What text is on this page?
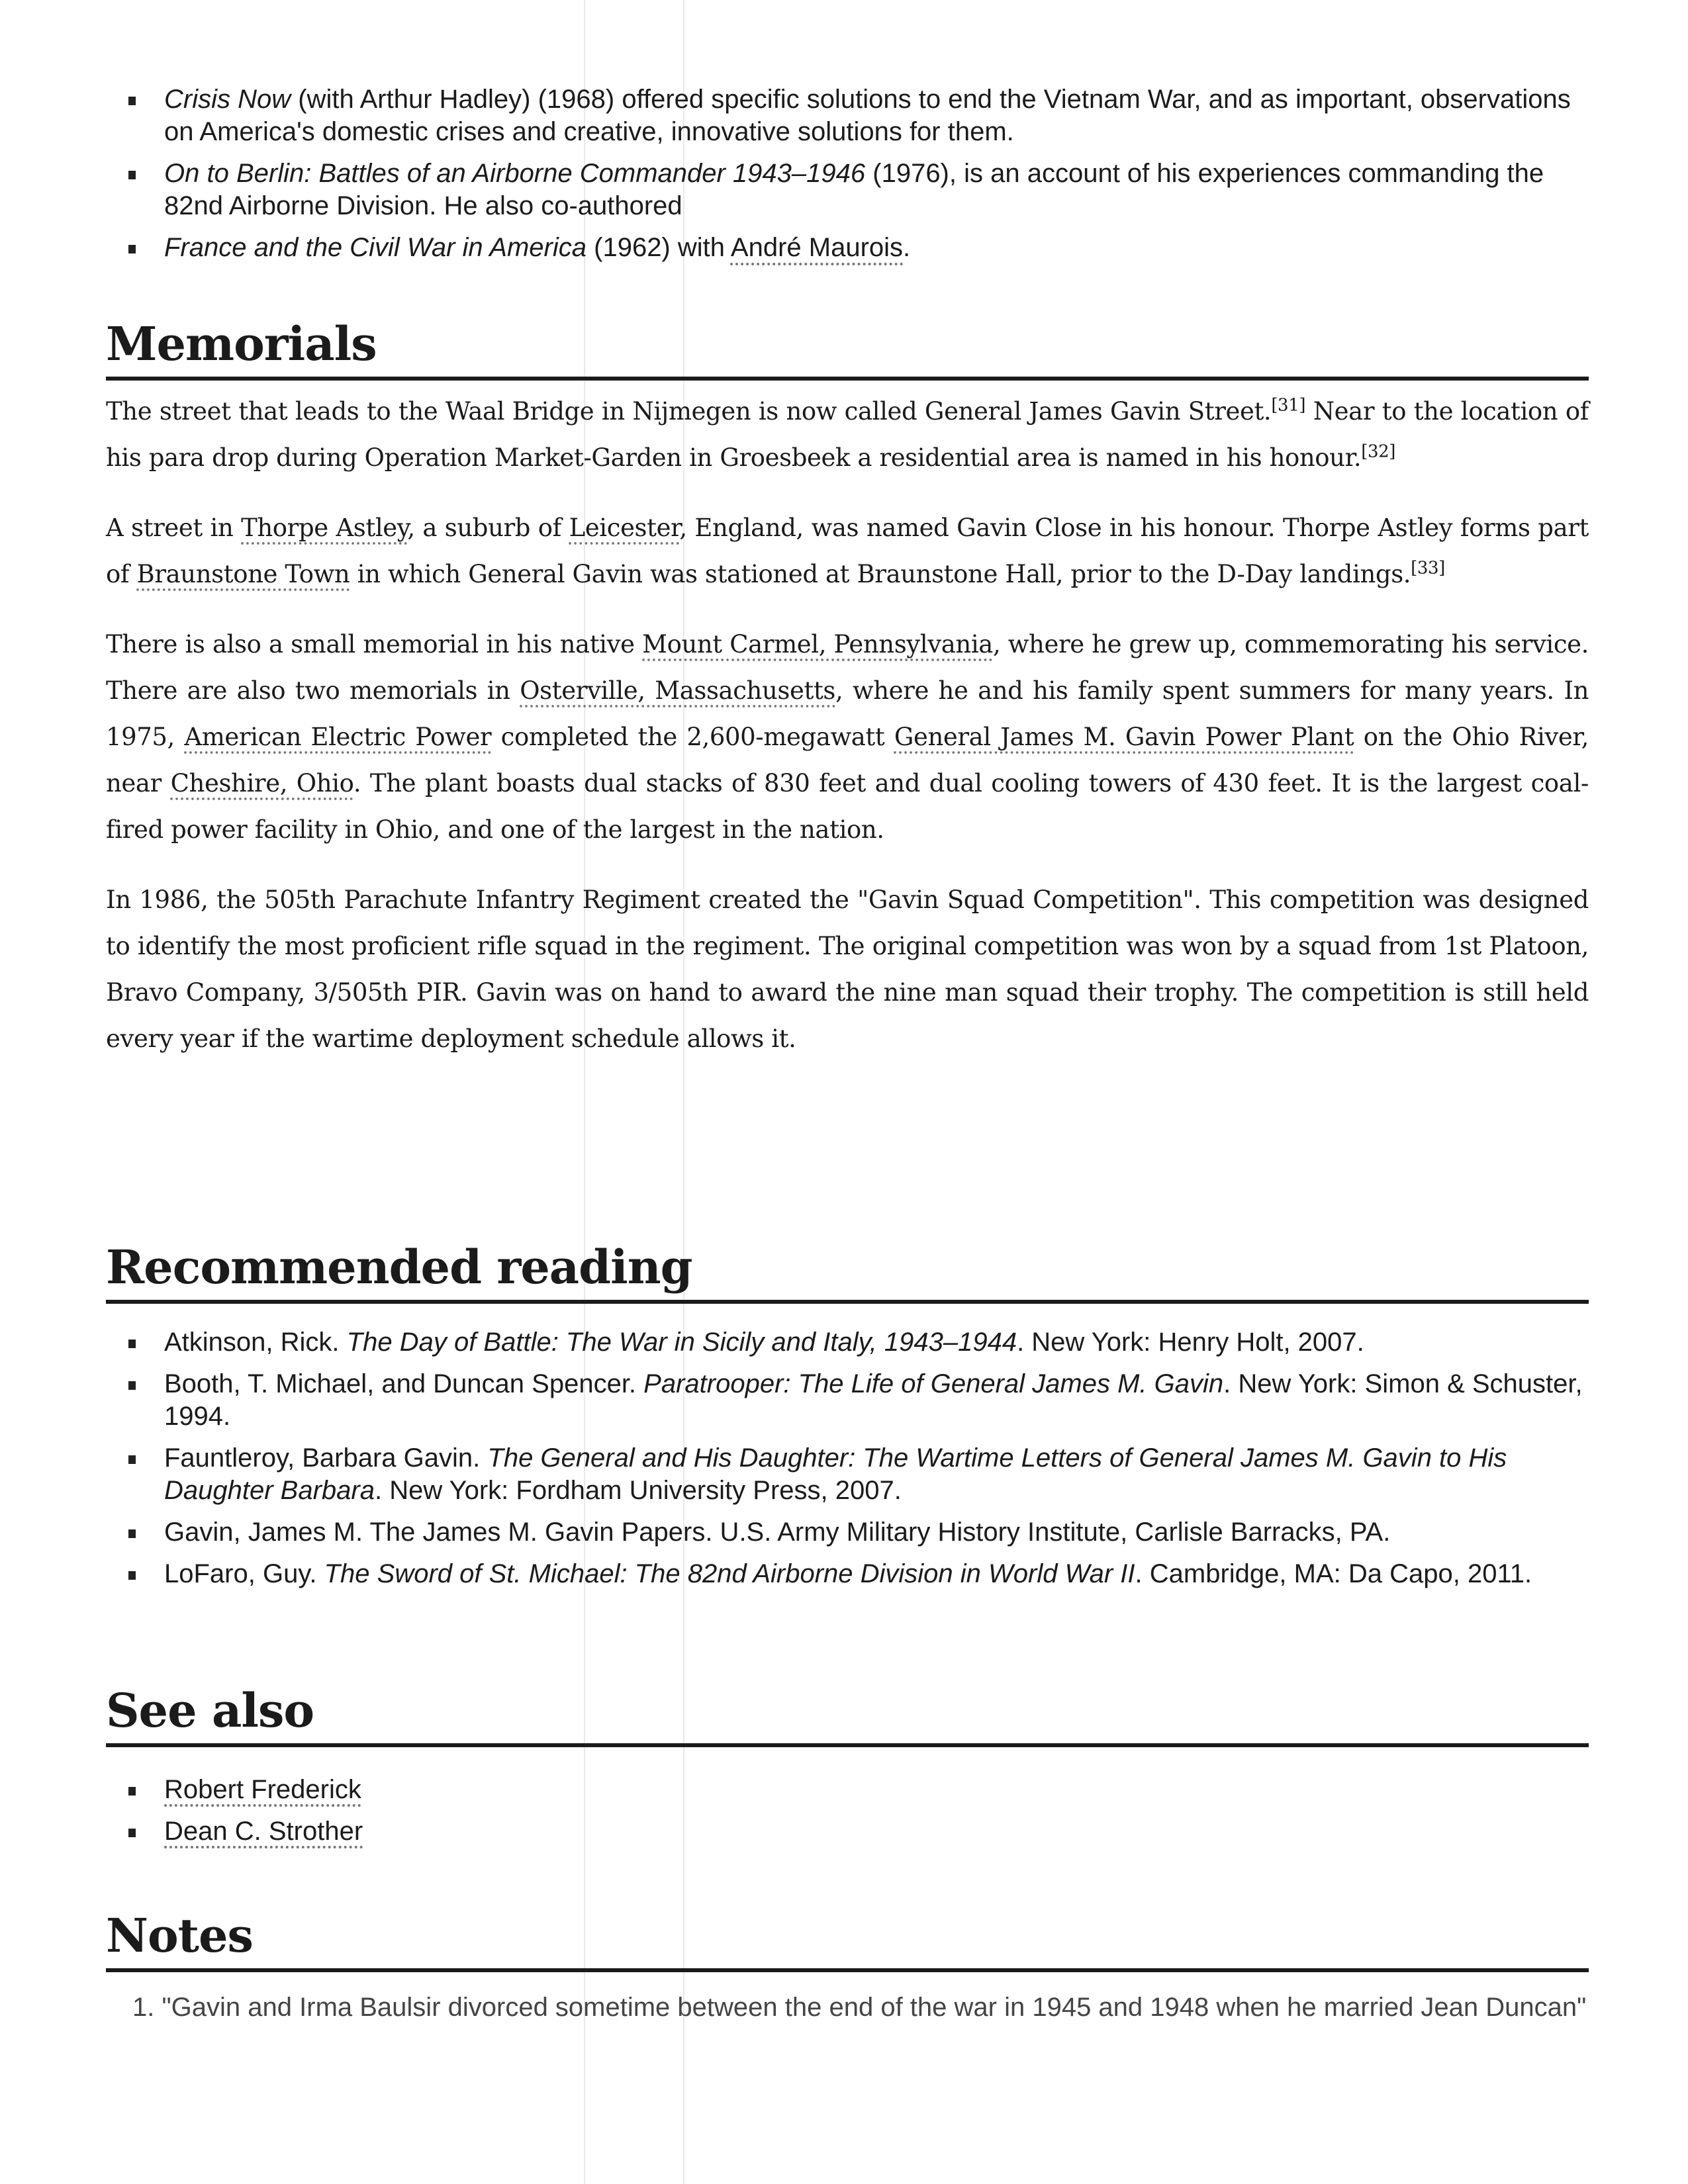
Crisis Now (with Arthur Hadley) (1968) offered specific solutions to end the Vietnam War, and as important, observations on America's domestic crises and creative, innovative solutions for them.
On to Berlin: Battles of an Airborne Commander 1943–1946 (1976), is an account of his experiences commanding the 82nd Airborne Division. He also co-authored
France and the Civil War in America (1962) with André Maurois.
Memorials

The street that leads to the Waal Bridge in Nijmegen is now called General James Gavin Street.[31] Near to the location of his para drop during Operation Market-Garden in Groesbeek a residential area is named in his honour.[32]

A street in Thorpe Astley, a suburb of Leicester, England, was named Gavin Close in his honour. Thorpe Astley forms part of Braunstone Town in which General Gavin was stationed at Braunstone Hall, prior to the D-Day landings.[33]

There is also a small memorial in his native Mount Carmel, Pennsylvania, where he grew up, commemorating his service. There are also two memorials in Osterville, Massachusetts, where he and his family spent summers for many years. In 1975, American Electric Power completed the 2,600-megawatt General James M. Gavin Power Plant on the Ohio River, near Cheshire, Ohio. The plant boasts dual stacks of 830 feet and dual cooling towers of 430 feet. It is the largest coal-fired power facility in Ohio, and one of the largest in the nation.

In 1986, the 505th Parachute Infantry Regiment created the "Gavin Squad Competition". This competition was designed to identify the most proficient rifle squad in the regiment. The original competition was won by a squad from 1st Platoon, Bravo Company, 3/505th PIR. Gavin was on hand to award the nine man squad their trophy. The competition is still held every year if the wartime deployment schedule allows it.

Recommended reading
Atkinson, Rick. The Day of Battle: The War in Sicily and Italy, 1943–1944. New York: Henry Holt, 2007.
Booth, T. Michael, and Duncan Spencer. Paratrooper: The Life of General James M. Gavin. New York: Simon & Schuster, 1994.
Fauntleroy, Barbara Gavin. The General and His Daughter: The Wartime Letters of General James M. Gavin to His Daughter Barbara. New York: Fordham University Press, 2007.
Gavin, James M. The James M. Gavin Papers. U.S. Army Military History Institute, Carlisle Barracks, PA.
LoFaro, Guy. The Sword of St. Michael: The 82nd Airborne Division in World War II. Cambridge, MA: Da Capo, 2011.
See also
Robert Frederick
Dean C. Strother
Notes
1. "Gavin and Irma Baulsir divorced sometime between the end of the war in 1945 and 1948 when he married Jean Duncan"
